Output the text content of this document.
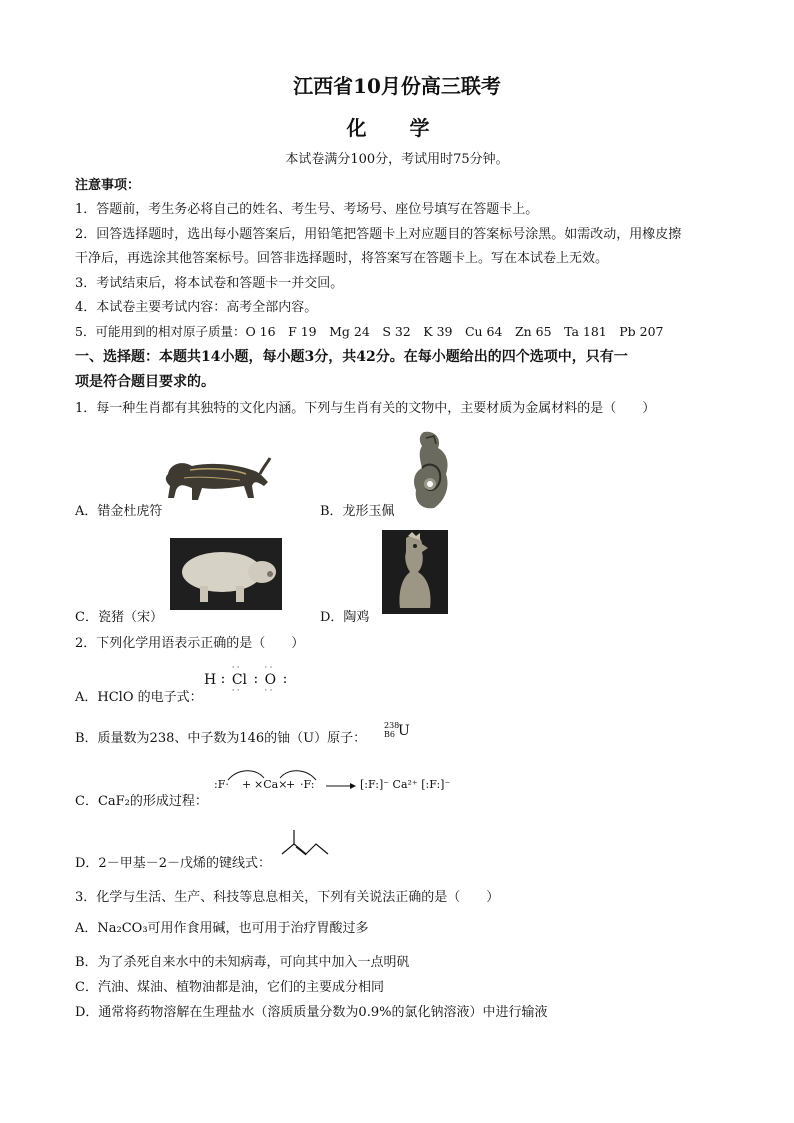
江西省10月份高三联考
化 学
本试卷满分100分，考试用时75分钟。
注意事项：
1．答题前，考生务必将自己的姓名、考生号、考场号、座位号填写在答题卡上。
2．回答选择题时，选出每小题答案后，用铅笔把答题卡上对应题目的答案标号涂黑。如需改动，用橡皮擦
干净后，再选涂其他答案标号。回答非选择题时，将答案写在答题卡上。写在本试卷上无效。
3．考试结束后，将本试卷和答题卡一并交回。
4．本试卷主要考试内容：高考全部内容。
5．可能用到的相对原子质量：O 16　F 19　Mg 24　S 32　K 39　Cu 64　Zn 65　Ta 181　Pb 207
一、选择题：本题共14小题，每小题3分，共42分。在每小题给出的四个选项中，只有一
项是符合题目要求的。
1．每一种生肖都有其独特的文化内涵。下列与生肖有关的文物中，主要材质为金属材料的是（　　）
A．错金杜虎符	B．龙形玉佩
C．瓷猪（宋）	D．陶鸡
2．下列化学用语表示正确的是（　　）
A．HClO 的电子式：
H :
· ·
Cl
· ·
:
· ·
O
· ·
:
B．质量数为238、中子数为146的铀（U）原子：
238
B6 U
C．CaF₂的形成过程：
:F· + ×Ca×
+ ·F: → [:F:]⁻ Ca²⁺ [:F:]⁻
D．2－甲基－2－戊烯的键线式：
3．化学与生活、生产、科技等息息相关，下列有关说法正确的是（　　）
A．Na₂CO₃可用作食用碱，也可用于治疗胃酸过多
B．为了杀死自来水中的未知病毒，可向其中加入一点明矾
C．汽油、煤油、植物油都是油，它们的主要成分相同
D．通常将药物溶解在生理盐水（溶质质量分数为0.9%的氯化钠溶液）中进行输液
